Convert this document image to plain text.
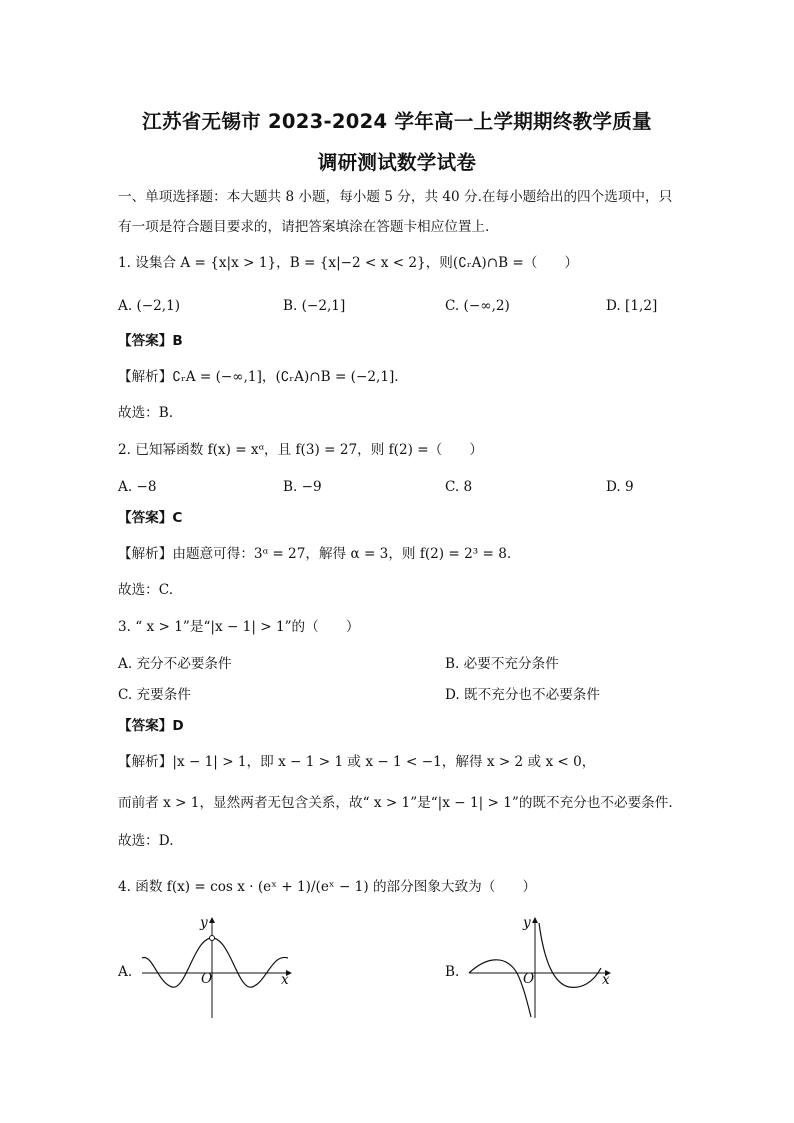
江苏省无锡市 2023-2024 学年高一上学期期终教学质量
调研测试数学试卷
一、单项选择题：本大题共 8 小题，每小题 5 分，共 40 分.在每小题给出的四个选项中，只
有一项是符合题目要求的，请把答案填涂在答题卡相应位置上.
1. 设集合 A = {x|x > 1}，B = {x|−2 < x < 2}，则(∁ᵣA)∩B =（　　）
A. (−2,1)	B. (−2,1]	C. (−∞,2)	D. [1,2]
【答案】B
【解析】∁ᵣA = (−∞,1]，(∁ᵣA)∩B = (−2,1].
故选：B.
2. 已知幂函数 f(x) = xᵅ，且 f(3) = 27，则 f(2) =（　　）
A. −8	B. −9	C. 8	D. 9
【答案】C
【解析】由题意可得：3ᵅ = 27，解得 α = 3，则 f(2) = 2³ = 8.
故选：C.
3. “ x > 1”是“|x − 1| > 1”的（　　）
A. 充分不必要条件	B. 必要不充分条件
C. 充要条件	D. 既不充分也不必要条件
【答案】D
【解析】|x − 1| > 1，即 x − 1 > 1 或 x − 1 < −1，解得 x > 2 或 x < 0，
而前者 x > 1，显然两者无包含关系，故“ x > 1”是“|x − 1| > 1”的既不充分也不必要条件.
故选：D.
4. 函数 f(x) = cos x · (eˣ + 1)/(eˣ − 1) 的部分图象大致为（　　）
A.
y
x
O	B.
y
x
O
